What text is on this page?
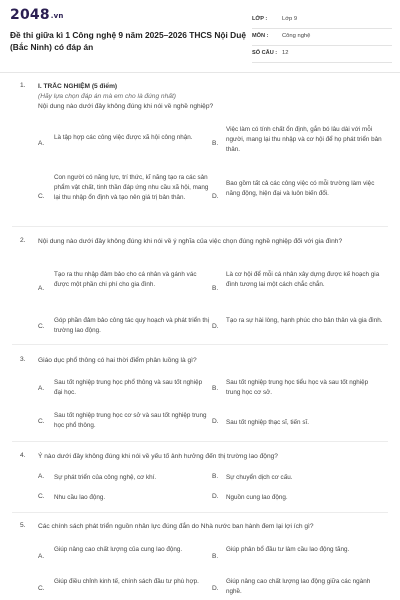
2048.vn
Đề thi giữa kì 1 Công nghệ 9 năm 2025–2026 THCS Nội Duệ (Bắc Ninh) có đáp án
LỚP :	Lớp 9
MÔN : Công nghệ
SỐ CÂU : 12
1. I. TRẮC NGHIỆM (5 điểm)
(Hãy lựa chọn đáp án mà em cho là đúng nhất)
Nội dung nào dưới đây không đúng khi nói về nghề nghiệp?
A.
Là tập hợp các công việc được xã hội công nhận.
B.
Việc làm có tính chất ổn định, gắn bó lâu dài với mỗi người, mang lại thu nhập và cơ hội để họ phát triển bản thân.
C.
Con người có năng lực, trí thức, kĩ năng tạo ra các sản phẩm vật chất, tinh thần đáp ứng nhu cầu xã hội, mang lại thu nhập ổn định và tạo nên giá trị bản thân.	D.
Bao gồm tất cả các công việc có mỗi trường làm việc năng động, hiện đại và luôn biến đổi.
2. Nội dung nào dưới đây không đúng khi nói về ý nghĩa của việc chọn đúng nghề nghiệp đối với gia đình?
A.
Tạo ra thu nhập đảm bảo cho cá nhân và gánh vác được một phần chi phí cho gia đình.
B.
Là cơ hội để mỗi cá nhân xây dựng được kế hoạch gia đình tương lai một cách chắc chắn.
C.
Góp phần đảm bảo công tác quy hoạch và phát triển thị trường lao động.
D.
Tạo ra sự hài lòng, hạnh phúc cho bản thân và gia đình.
3. Giáo dục phổ thông có hai thời điểm phân luồng là gì?
A.
Sau tốt nghiệp trung học phổ thông và sau tốt nghiệp đại học.
B.
Sau tốt nghiệp trung học tiểu học và sau tốt nghiệp trung học cơ sở.
C.
Sau tốt nghiệp trung học cơ sở và sau tốt nghiệp trung học phổ thông.
D. Sau tốt nghiệp thạc sĩ, tiến sĩ.
4. Ý nào dưới đây không đúng khi nói về yếu tố ảnh hưởng đến thị trường lao động?
A. Sự phát triển của công nghệ, cơ khí.	B. Sự chuyển dịch cơ cấu.
C. Nhu cầu lao động.	D. Nguồn cung lao động.
5. Các chính sách phát triển nguồn nhân lực đúng đắn do Nhà nước ban hành đem lại lợi ích gì?
A.
Giúp nâng cao chất lượng của cung lao động.
B.
Giúp phân bổ đầu tư làm cầu lao động tăng.
C.
Giúp điều chỉnh kinh tế, chính sách đầu tư phù hợp.
D.
Giúp nâng cao chất lượng lao động giữa các ngành nghề.
